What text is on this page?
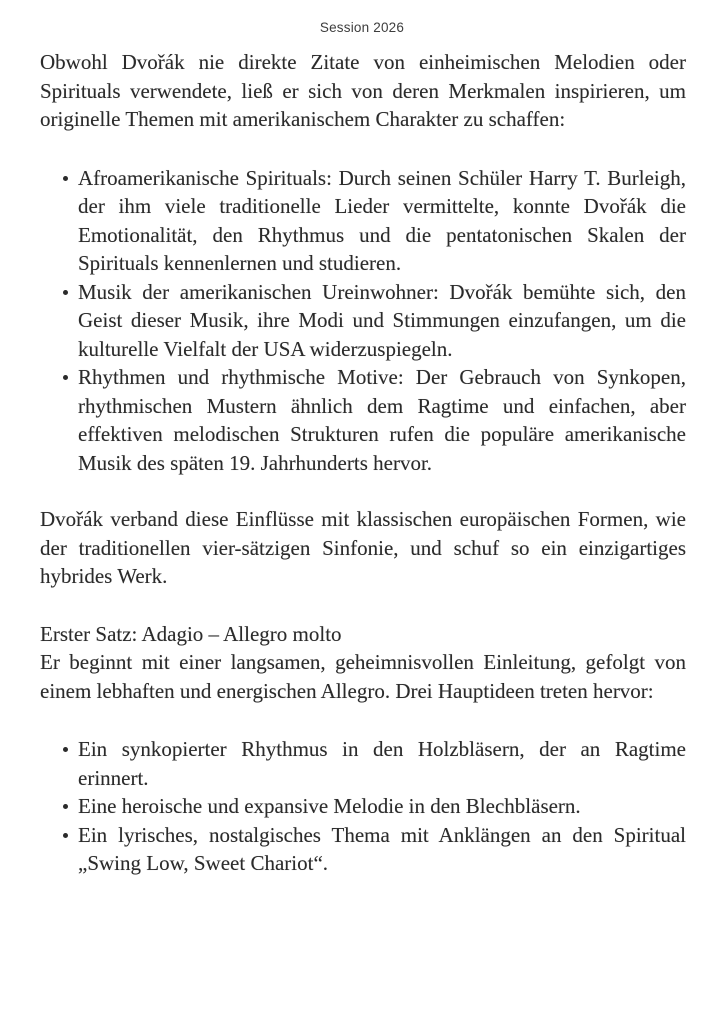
Session 2026

Obwohl Dvořák nie direkte Zitate von einheimischen Melodien oder Spirituals verwendete, ließ er sich von deren Merkmalen inspirieren, um originelle Themen mit amerikanischem Charakter zu schaffen:

Afroamerikanische Spirituals: Durch seinen Schüler Harry T. Burleigh, der ihm viele traditionelle Lieder vermittelte, konnte Dvořák die Emotionalität, den Rhythmus und die pentatonischen Skalen der Spirituals kennenlernen und studieren.
Musik der amerikanischen Ureinwohner: Dvořák bemühte sich, den Geist dieser Musik, ihre Modi und Stimmungen einzufangen, um die kulturelle Vielfalt der USA widerzuspiegeln.
Rhythmen und rhythmische Motive: Der Gebrauch von Synkopen, rhythmischen Mustern ähnlich dem Ragtime und einfachen, aber effektiven melodischen Strukturen rufen die populäre amerikanische Musik des späten 19. Jahrhunderts hervor.

Dvořák verband diese Einflüsse mit klassischen europäischen Formen, wie der traditionellen vier-sätzigen Sinfonie, und schuf so ein einzigartiges hybrides Werk.

Erster Satz: Adagio – Allegro molto
Er beginnt mit einer langsamen, geheimnisvollen Einleitung, gefolgt von einem lebhaften und energischen Allegro. Drei Hauptideen treten hervor:
Ein synkopierter Rhythmus in den Holzbläsern, der an Ragtime erinnert.
Eine heroische und expansive Melodie in den Blechbläsern.
Ein lyrisches, nostalgisches Thema mit Anklängen an den Spiritual „Swing Low, Sweet Chariot“.
